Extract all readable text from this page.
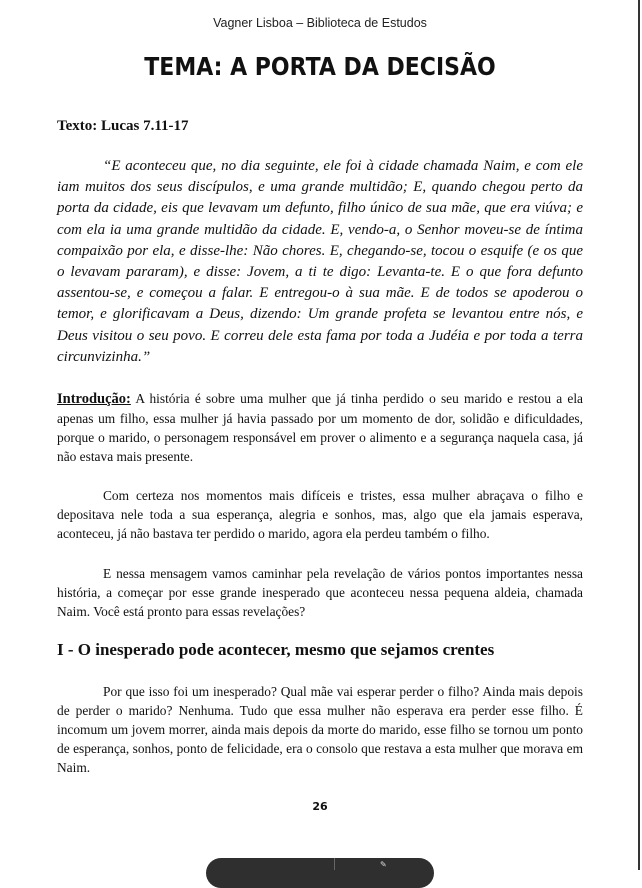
Vagner Lisboa – Biblioteca de Estudos
TEMA: A PORTA DA DECISÃO
Texto: Lucas 7.11-17
“E aconteceu que, no dia seguinte, ele foi à cidade chamada Naim, e com ele iam muitos dos seus discípulos, e uma grande multidão; E, quando chegou perto da porta da cidade, eis que levavam um defunto, filho único de sua mãe, que era viúva; e com ela ia uma grande multidão da cidade. E, vendo-a, o Senhor moveu-se de íntima compaixão por ela, e disse-lhe: Não chores. E, chegando-se, tocou o esquife (e os que o levavam pararam), e disse: Jovem, a ti te digo: Levanta-te. E o que fora defunto assentou-se, e começou a falar. E entregou-o à sua mãe. E de todos se apoderou o temor, e glorificavam a Deus, dizendo: Um grande profeta se levantou entre nós, e Deus visitou o seu povo. E correu dele esta fama por toda a Judéia e por toda a terra circunvizinha.”
Introdução: A história é sobre uma mulher que já tinha perdido o seu marido e restou a ela apenas um filho, essa mulher já havia passado por um momento de dor, solidão e dificuldades, porque o marido, o personagem responsável em prover o alimento e a segurança naquela casa, já não estava mais presente.
Com certeza nos momentos mais difíceis e tristes, essa mulher abraçava o filho e depositava nele toda a sua esperança, alegria e sonhos, mas, algo que ela jamais esperava, aconteceu, já não bastava ter perdido o marido, agora ela perdeu também o filho.
E nessa mensagem vamos caminhar pela revelação de vários pontos importantes nessa história, a começar por esse grande inesperado que aconteceu nessa pequena aldeia, chamada Naim. Você está pronto para essas revelações?
I - O inesperado pode acontecer, mesmo que sejamos crentes
Por que isso foi um inesperado? Qual mãe vai esperar perder o filho? Ainda mais depois de perder o marido? Nenhuma. Tudo que essa mulher não esperava era perder esse filho. É incomum um jovem morrer, ainda mais depois da morte do marido, esse filho se tornou um ponto de esperança, sonhos, ponto de felicidade, era o consolo que restava a esta mulher que morava em Naim.
26
✎
